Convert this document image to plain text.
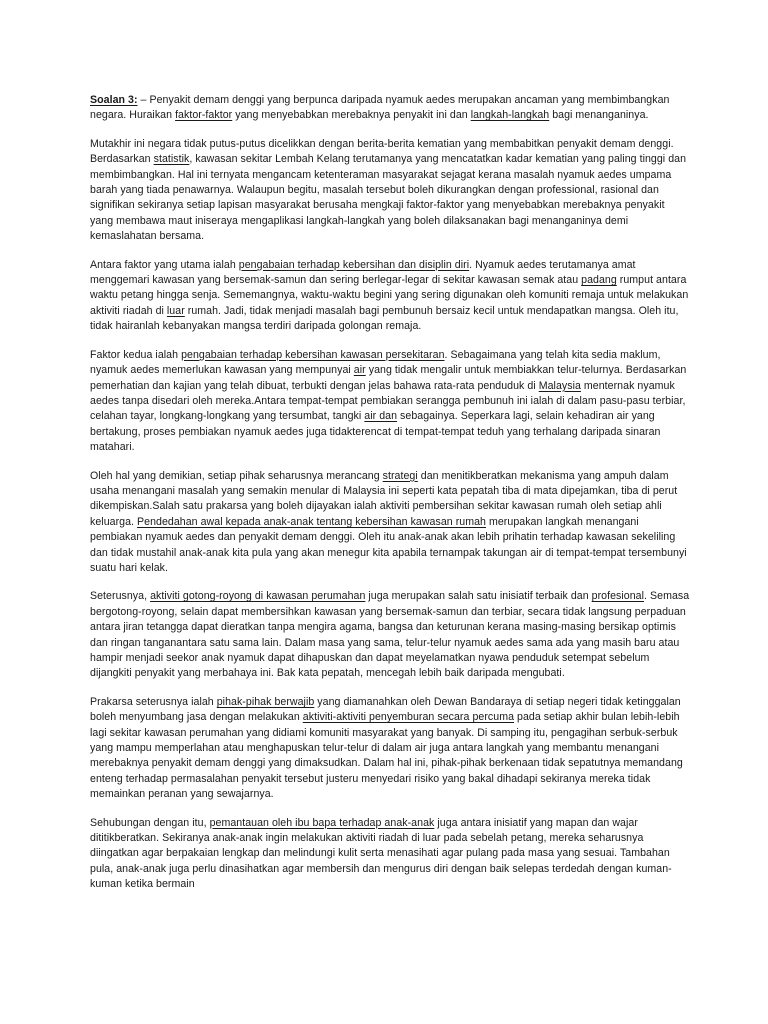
Soalan 3: – Penyakit demam denggi yang berpunca daripada nyamuk aedes merupakan ancaman yang membimbangkan negara. Huraikan faktor-faktor yang menyebabkan merebaknya penyakit ini dan langkah-langkah bagi menanganinya.

Mutakhir ini negara tidak putus-putus dicelikkan dengan berita-berita kematian yang membabitkan penyakit demam denggi. Berdasarkan statistik, kawasan sekitar Lembah Kelang terutamanya yang mencatatkan kadar kematian yang paling tinggi dan membimbangkan. Hal ini ternyata mengancam ketenteraman masyarakat sejagat kerana masalah nyamuk aedes umpama barah yang tiada penawarnya. Walaupun begitu, masalah tersebut boleh dikurangkan dengan professional, rasional dan signifikan sekiranya setiap lapisan masyarakat berusaha mengkaji faktor-faktor yang menyebabkan merebaknya penyakit yang membawa maut iniseraya mengaplikasi langkah-langkah yang boleh dilaksanakan bagi menanganinya demi kemaslahatan bersama.

Antara faktor yang utama ialah pengabaian terhadap kebersihan dan disiplin diri. Nyamuk aedes terutamanya amat menggemari kawasan yang bersemak-samun dan sering berlegar-legar di sekitar kawasan semak atau padang rumput antara waktu petang hingga senja. Sememangnya, waktu-waktu begini yang sering digunakan oleh komuniti remaja untuk melakukan aktiviti riadah di luar rumah. Jadi, tidak menjadi masalah bagi pembunuh bersaiz kecil untuk mendapatkan mangsa. Oleh itu, tidak hairanlah kebanyakan mangsa terdiri daripada golongan remaja.

Faktor kedua ialah pengabaian terhadap kebersihan kawasan persekitaran. Sebagaimana yang telah kita sedia maklum, nyamuk aedes memerlukan kawasan yang mempunyai air yang tidak mengalir untuk membiakkan telur-telurnya. Berdasarkan pemerhatian dan kajian yang telah dibuat, terbukti dengan jelas bahawa rata-rata penduduk di Malaysia menternak nyamuk aedes tanpa disedari oleh mereka.Antara tempat-tempat pembiakan serangga pembunuh ini ialah di dalam pasu-pasu terbiar, celahan tayar, longkang-longkang yang tersumbat, tangki air dan sebagainya. Seperkara lagi, selain kehadiran air yang bertakung, proses pembiakan nyamuk aedes juga tidakterencat di tempat-tempat teduh yang terhalang daripada sinaran matahari.

Oleh hal yang demikian, setiap pihak seharusnya merancang strategi dan menitikberatkan mekanisma yang ampuh dalam usaha menangani masalah yang semakin menular di Malaysia ini seperti kata pepatah tiba di mata dipejamkan, tiba di perut dikempiskan.Salah satu prakarsa yang boleh dijayakan ialah aktiviti pembersihan sekitar kawasan rumah oleh setiap ahli keluarga. Pendedahan awal kepada anak-anak tentang kebersihan kawasan rumah merupakan langkah menangani pembiakan nyamuk aedes dan penyakit demam denggi. Oleh itu anak-anak akan lebih prihatin terhadap kawasan sekeliling dan tidak mustahil anak-anak kita pula yang akan menegur kita apabila ternampak takungan air di tempat-tempat tersembunyi suatu hari kelak.

Seterusnya, aktiviti gotong-royong di kawasan perumahan juga merupakan salah satu inisiatif terbaik dan profesional. Semasa bergotong-royong, selain dapat membersihkan kawasan yang bersemak-samun dan terbiar, secara tidak langsung perpaduan antara jiran tetangga dapat dieratkan tanpa mengira agama, bangsa dan keturunan kerana masing-masing bersikap optimis dan ringan tanganantara satu sama lain. Dalam masa yang sama, telur-telur nyamuk aedes sama ada yang masih baru atau hampir menjadi seekor anak nyamuk dapat dihapuskan dan dapat meyelamatkan nyawa penduduk setempat sebelum dijangkiti penyakit yang merbahaya ini. Bak kata pepatah, mencegah lebih baik daripada mengubati.

Prakarsa seterusnya ialah pihak-pihak berwajib yang diamanahkan oleh Dewan Bandaraya di setiap negeri tidak ketinggalan boleh menyumbang jasa dengan melakukan aktiviti-aktiviti penyemburan secara percuma pada setiap akhir bulan lebih-lebih lagi sekitar kawasan perumahan yang didiami komuniti masyarakat yang banyak. Di samping itu, pengagihan serbuk-serbuk yang mampu memperlahan atau menghapuskan telur-telur di dalam air juga antara langkah yang membantu menangani merebaknya penyakit demam denggi yang dimaksudkan. Dalam hal ini, pihak-pihak berkenaan tidak sepatutnya memandang enteng terhadap permasalahan penyakit tersebut justeru menyedari risiko yang bakal dihadapi sekiranya mereka tidak memainkan peranan yang sewajarnya.

Sehubungan dengan itu, pemantauan oleh ibu bapa terhadap anak-anak juga antara inisiatif yang mapan dan wajar dititikberatkan. Sekiranya anak-anak ingin melakukan aktiviti riadah di luar pada sebelah petang, mereka seharusnya diingatkan agar berpakaian lengkap dan melindungi kulit serta menasihati agar pulang pada masa yang sesuai. Tambahan pula, anak-anak juga perlu dinasihatkan agar membersih dan mengurus diri dengan baik selepas terdedah dengan kuman-kuman ketika bermain
